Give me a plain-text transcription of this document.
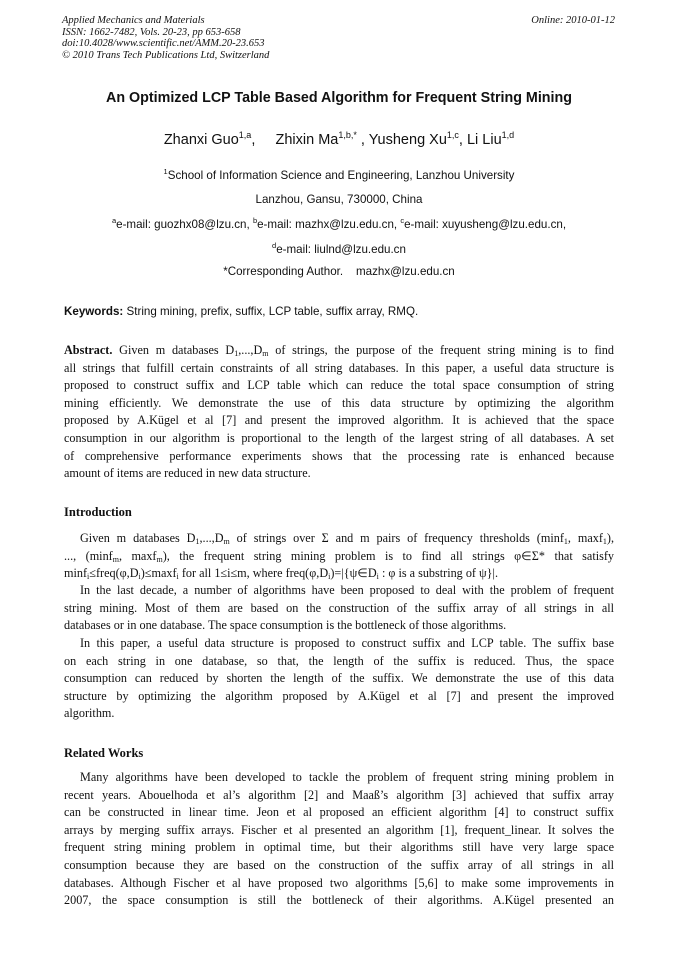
Applied Mechanics and Materials
ISSN: 1662-7482, Vols. 20-23, pp 653-658
doi:10.4028/www.scientific.net/AMM.20-23.653
© 2010 Trans Tech Publications Ltd, Switzerland
Online: 2010-01-12
An Optimized LCP Table Based Algorithm for Frequent String Mining
Zhanxi Guo$^{1,a}$,     Zhixin $Ma^{1,b,*}$ , Yusheng Xu$^{1,c}$, Li Liu$^{1,d}$
$^1$School of Information Science and Engineering, Lanzhou University
Lanzhou, Gansu, 730000, China
$^a$e-mail: guozhx08@lzu.cn, $^b$e-mail: mazhx@lzu.edu.cn, $^c$e-mail: xuyusheng@lzu.edu.cn,
$^d$e-mail: liulnd@lzu.edu.cn
*Corresponding Author.    mazhx@lzu.edu.cn
Keywords: String mining, prefix, suffix, LCP table, suffix array, RMQ.
Abstract. Given m databases $D_1,...,D_m$ of strings, the purpose of the frequent string mining is to find
all strings that fulfill certain constraints of all string databases. In this paper, a useful data structure is
proposed to construct suffix and LCP table which can reduce the total space consumption of string
mining efficiently. We demonstrate the use of this data structure by optimizing the algorithm
proposed by A.Kügel et al [7] and present the improved algorithm. It is achieved that the space
consumption in our algorithm is proportional to the length of the largest string of all databases. A set
of comprehensive performance experiments shows that the processing rate is enhanced because
amount of items are reduced in new data structure.
Introduction
Given m databases $D_1,...,D_m$ of strings over Σ and m pairs of frequency thresholds (minf$_1$, maxf$_1$),
..., (minf$_m$, maxf$_m$), the frequent string mining problem is to find all strings φ∈Σ* that satisfy
$\min f_i\le freq(\varphi,D_i)\le\max f_i$ for all 1≤i≤m, where $freq(\varphi,D_i)=|\{\psi\in D_i$ : φ is a substring of ψ}|.
In the last decade, a number of algorithms have been proposed to deal with the problem of frequent
string mining. Most of them are based on the construction of the suffix array of all strings in all
databases or in one database. The space consumption is the bottleneck of those algorithms.
In this paper, a useful data structure is proposed to construct suffix and LCP table. The suffix base
on each string in one database, so that, the length of the suffix is reduced. Thus, the space
consumption can reduced by shorten the length of the suffix. We demonstrate the use of this data
structure by optimizing the algorithm proposed by A.Kügel et al [7] and present the improved
algorithm.
Related Works
Many algorithms have been developed to tackle the problem of frequent string mining problem in
recent years. Abouelhoda et al’s algorithm [2] and Maaß’s algorithm [3] achieved that suffix array
can be constructed in linear time. Jeon et al proposed an efficient algorithm [4] to construct suffix
arrays by merging suffix arrays. Fischer et al presented an algorithm [1], frequent_linear. It solves the
frequent string mining problem in optimal time, but their algorithms still have very large space
consumption because they are based on the construction of the suffix array of all strings in all
databases. Although Fischer et al have proposed two algorithms [5,6] to make some improvements in
2007, the space consumption is still the bottleneck of their algorithms. A.Kügel presented an
